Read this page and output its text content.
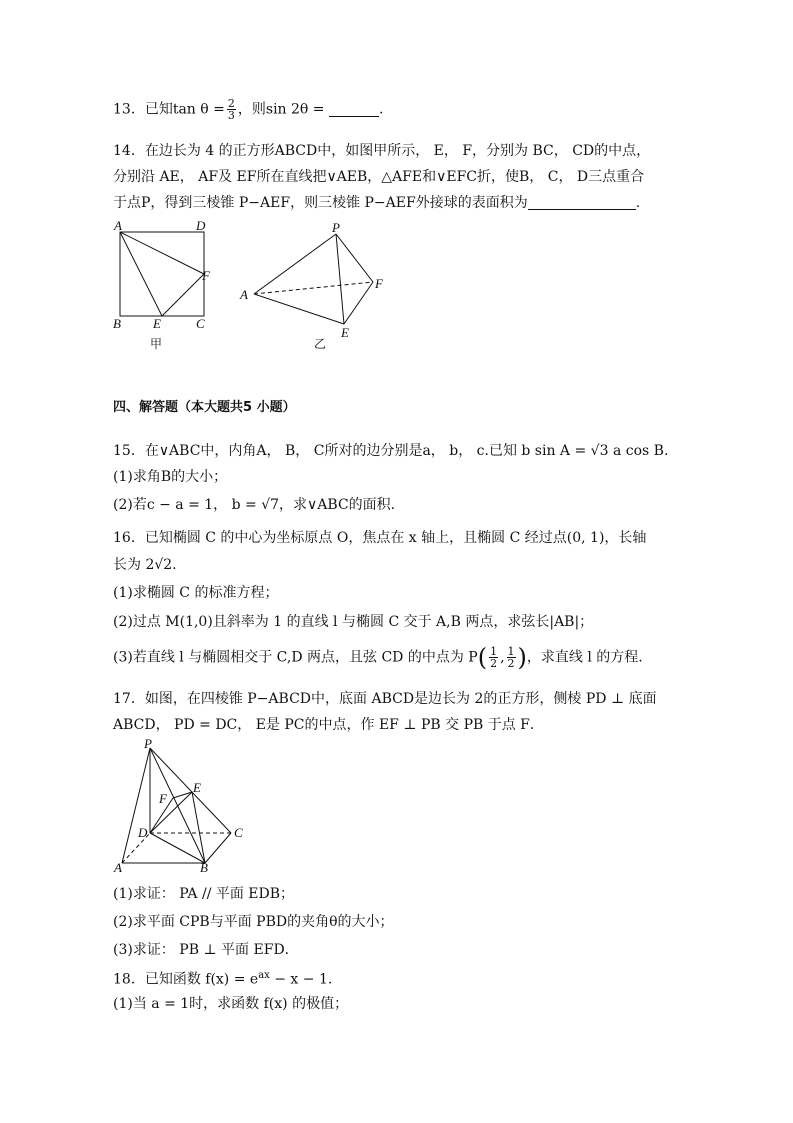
13．已知$\tan \theta = \frac{2}{3}$ ，则sin 2θ =	.
14．在边长为 4 的正方形ABCD中，如图甲所示， E， F，分别为 BC， CD的中点，
分别沿 AE， AF及 EF所在直线把∨AEB，△AFE和∨EFC折，使B， C， D三点重合
于点P，得到三棱锥 P−AEF，则三棱锥 P−AEF外接球的表面积为	.
A	D
F
B E	C
甲
P
A
F
E
乙
四、解答题（本大题共5 小题）
15．在∨ABC中，内角A， B， C所对的边分别是a， b， c.已知 b sin A = √3 a cos B.
(1)求角B的大小；
(2)若c − a = 1， b = √7，求∨ABC的面积.
16．已知椭圆 C 的中心为坐标原点 O，焦点在 x 轴上，且椭圆 C 经过点(0, 1)，长轴
长为 2√2.
(1)求椭圆 C 的标准方程；
(2)过点 M(1,0)且斜率为 1 的直线 l 与椭圆 C 交于 A,B 两点，求弦长|AB|；
(3)若直线 l 与椭圆相交于 C,D 两点，且弦 CD 的中点为 $P( \frac{1}{2}$ , $\frac{1}{2}$ )，求直线 l 的方程.
17．如图，在四棱锥 P−ABCD中，底面 ABCD是边长为 2的正方形，侧棱 PD ⊥ 底面
ABCD， PD = DC， E是 PC的中点，作 EF ⊥ PB 交 PB 于点 F．
P
E
F
D	C
A	B
(1)求证： PA // 平面 EDB；
(2)求平面 CPB与平面 PBD的夹角θ的大小；
(3)求证： PB ⊥ 平面 EFD．
18．已知函数 $f(x) = e^{ax} - x - 1$.
(1)当 a = 1时，求函数 f(x) 的极值；
